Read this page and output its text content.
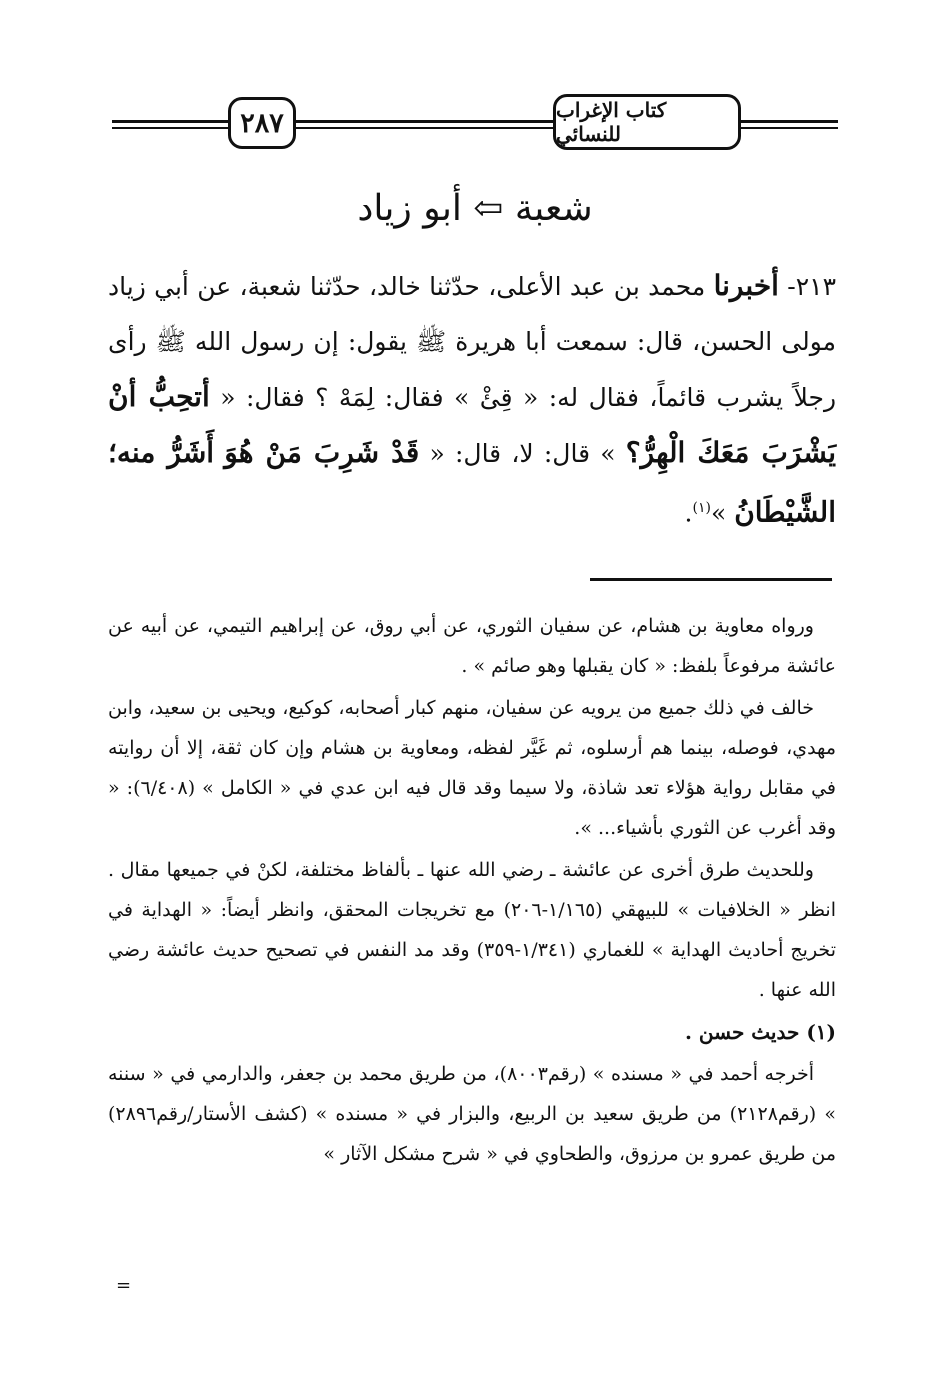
٢٨٧	كتاب الإغراب للنسائي
شعبة ⇦ أبو زياد

٢١٣- أخبرنا محمد بن عبد الأعلى، حدّثنا خالد، حدّثنا شعبة، عن أبي زياد مولى الحسن، قال: سمعت أبا هريرة ﷺ يقول: إن رسول الله ﷺ رأى رجلاً يشرب قائماً، فقال له: « قِئْ » فقال: لِمَهْ ؟ فقال: « أتحِبُّ أنْ يَشْرَبَ مَعَكَ الْهِرُّ؟ » قال: لا، قال: « قَدْ شَرِبَ مَنْ هُوَ أَشَرُّ منه؛ الشَّيْطَانُ »$^{(١)}$.

ورواه معاوية بن هشام، عن سفيان الثوري، عن أبي روق، عن إبراهيم التيمي، عن أبيه عن عائشة مرفوعاً بلفظ: « كان يقبلها وهو صائم » .

خالف في ذلك جميع من يرويه عن سفيان، منهم كبار أصحابه، كوكيع، ويحيى بن سعيد، وابن مهدي، فوصله، بينما هم أرسلوه، ثم غَيَّر لفظه، ومعاوية بن هشام وإن كان ثقة، إلا أن روايته في مقابل رواية هؤلاء تعد شاذة، ولا سيما وقد قال فيه ابن عدي في « الكامل » (٦/٤٠٨): « وقد أغرب عن الثوري بأشياء... ».

وللحديث طرق أخرى عن عائشة ـ رضي الله عنها ـ بألفاظ مختلفة، لكنْ في جميعها مقال . انظر « الخلافيات » للبيهقي (١/١٦٥-٢٠٦) مع تخريجات المحقق، وانظر أيضاً: « الهداية في تخريج أحاديث الهداية » للغماري (١/٣٤١-٣٥٩) وقد مد النفس في تصحيح حديث عائشة رضي الله عنها .

(١) حديث حسن .

أخرجه أحمد في « مسنده » (رقم٨٠٠٣)، من طريق محمد بن جعفر، والدارمي في « سننه » (رقم٢١٢٨) من طريق سعيد بن الربيع، والبزار في « مسنده » (كشف الأستار/رقم٢٨٩٦) من طريق عمرو بن مرزوق، والطحاوي في « شرح مشكل الآثار »

=
